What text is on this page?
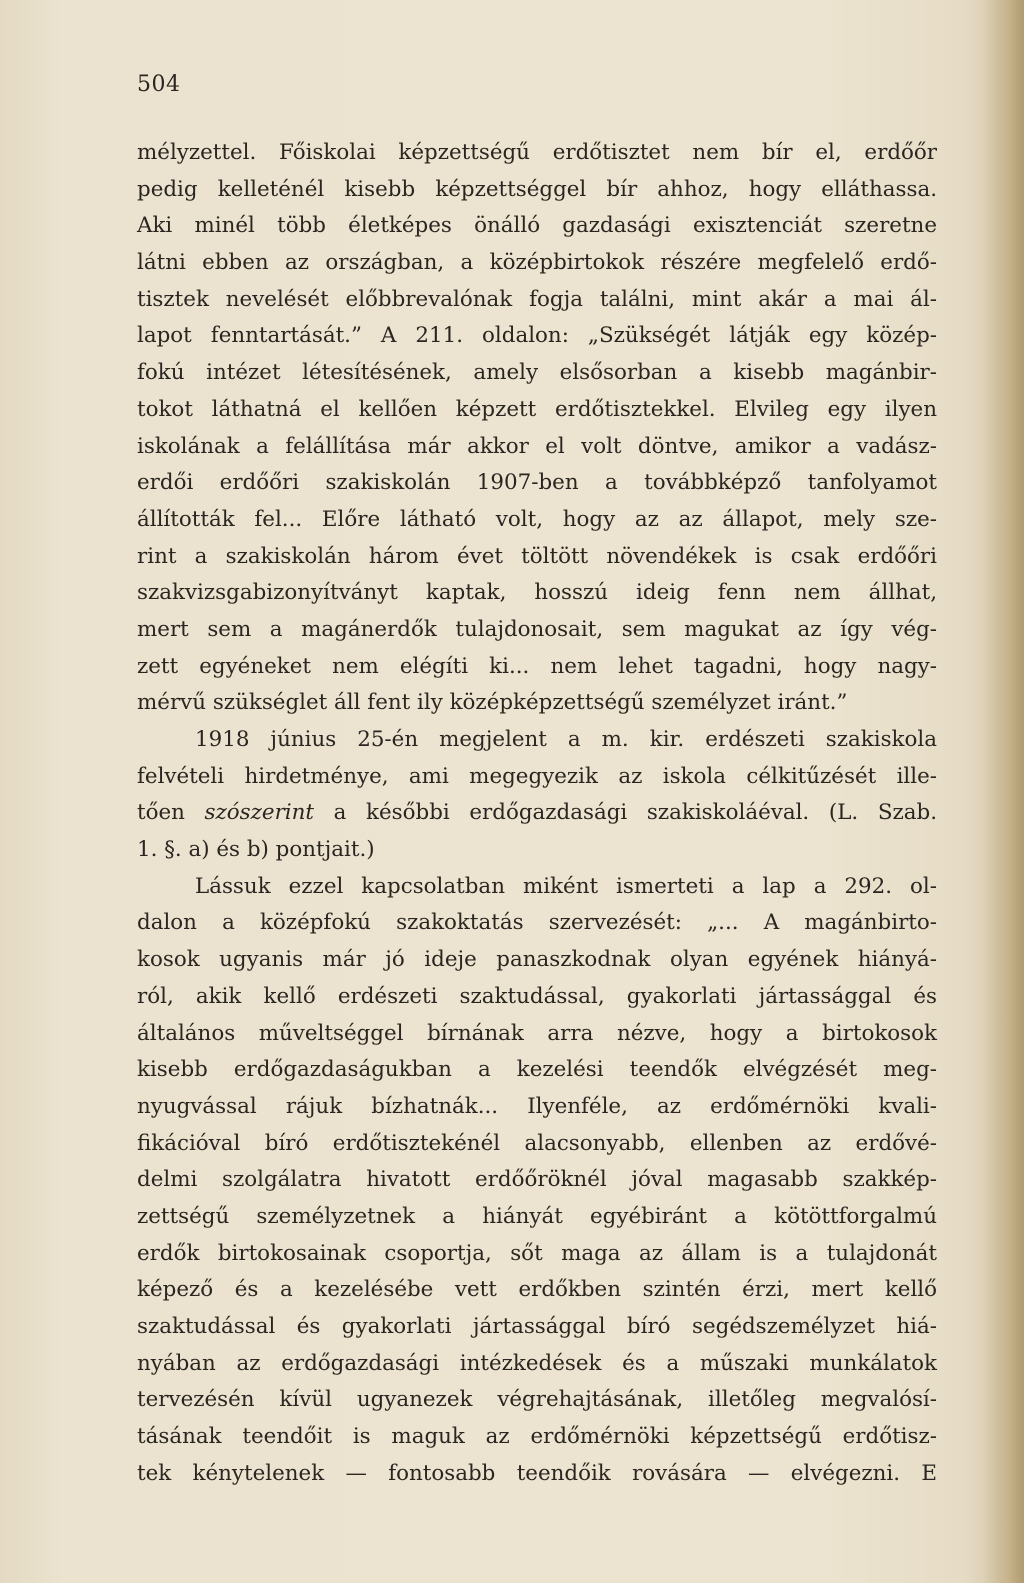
504
mélyzettel. Főiskolai képzettségű erdőtisztet nem bír el, erdőőr
pedig kelleténél kisebb képzettséggel bír ahhoz, hogy elláthassa.
Aki minél több életképes önálló gazdasági exisztenciát szeretne
látni ebben az országban, a középbirtokok részére megfelelő erdő-
tisztek nevelését előbbrevalónak fogja találni, mint akár a mai ál-
lapot fenntartását.” A 211. oldalon: „Szükségét látják egy közép-
fokú intézet létesítésének, amely elsősorban a kisebb magánbir-
tokot láthatná el kellően képzett erdőtisztekkel. Elvileg egy ilyen
iskolának a felállítása már akkor el volt döntve, amikor a vadász-
erdői erdőőri szakiskolán 1907-ben a továbbképző tanfolyamot
állították fel... Előre látható volt, hogy az az állapot, mely sze-
rint a szakiskolán három évet töltött növendékek is csak erdőőri
szakvizsgabizonyítványt kaptak, hosszú ideig fenn nem állhat,
mert sem a magánerdők tulajdonosait, sem magukat az így vég-
zett egyéneket nem elégíti ki... nem lehet tagadni, hogy nagy-
mérvű szükséglet áll fent ily középképzettségű személyzet iránt.”
1918 június 25-én megjelent a m. kir. erdészeti szakiskola
felvételi hirdetménye, ami megegyezik az iskola célkitűzését ille-
tően szószerint a későbbi erdőgazdasági szakiskoláéval. (L. Szab.
1. §. a) és b) pontjait.)
Lássuk ezzel kapcsolatban miként ismerteti a lap a 292. ol-
dalon a középfokú szakoktatás szervezését: „... A magánbirto-
kosok ugyanis már jó ideje panaszkodnak olyan egyének hiányá-
ról, akik kellő erdészeti szaktudással, gyakorlati jártassággal és
általános műveltséggel bírnának arra nézve, hogy a birtokosok
kisebb erdőgazdaságukban a kezelési teendők elvégzését meg-
nyugvással rájuk bízhatnák... Ilyenféle, az erdőmérnöki kvali-
fikációval bíró erdőtisztekénél alacsonyabb, ellenben az erdővé-
delmi szolgálatra hivatott erdőőröknél jóval magasabb szakkép-
zettségű személyzetnek a hiányát egyébiránt a kötöttforgalmú
erdők birtokosainak csoportja, sőt maga az állam is a tulajdonát
képező és a kezelésébe vett erdőkben szintén érzi, mert kellő
szaktudással és gyakorlati jártassággal bíró segédszemélyzet hiá-
nyában az erdőgazdasági intézkedések és a műszaki munkálatok
tervezésén kívül ugyanezek végrehajtásának, illetőleg megvalósí-
tásának teendőit is maguk az erdőmérnöki képzettségű erdőtisz-
tek kénytelenek — fontosabb teendőik rovására — elvégezni. E
